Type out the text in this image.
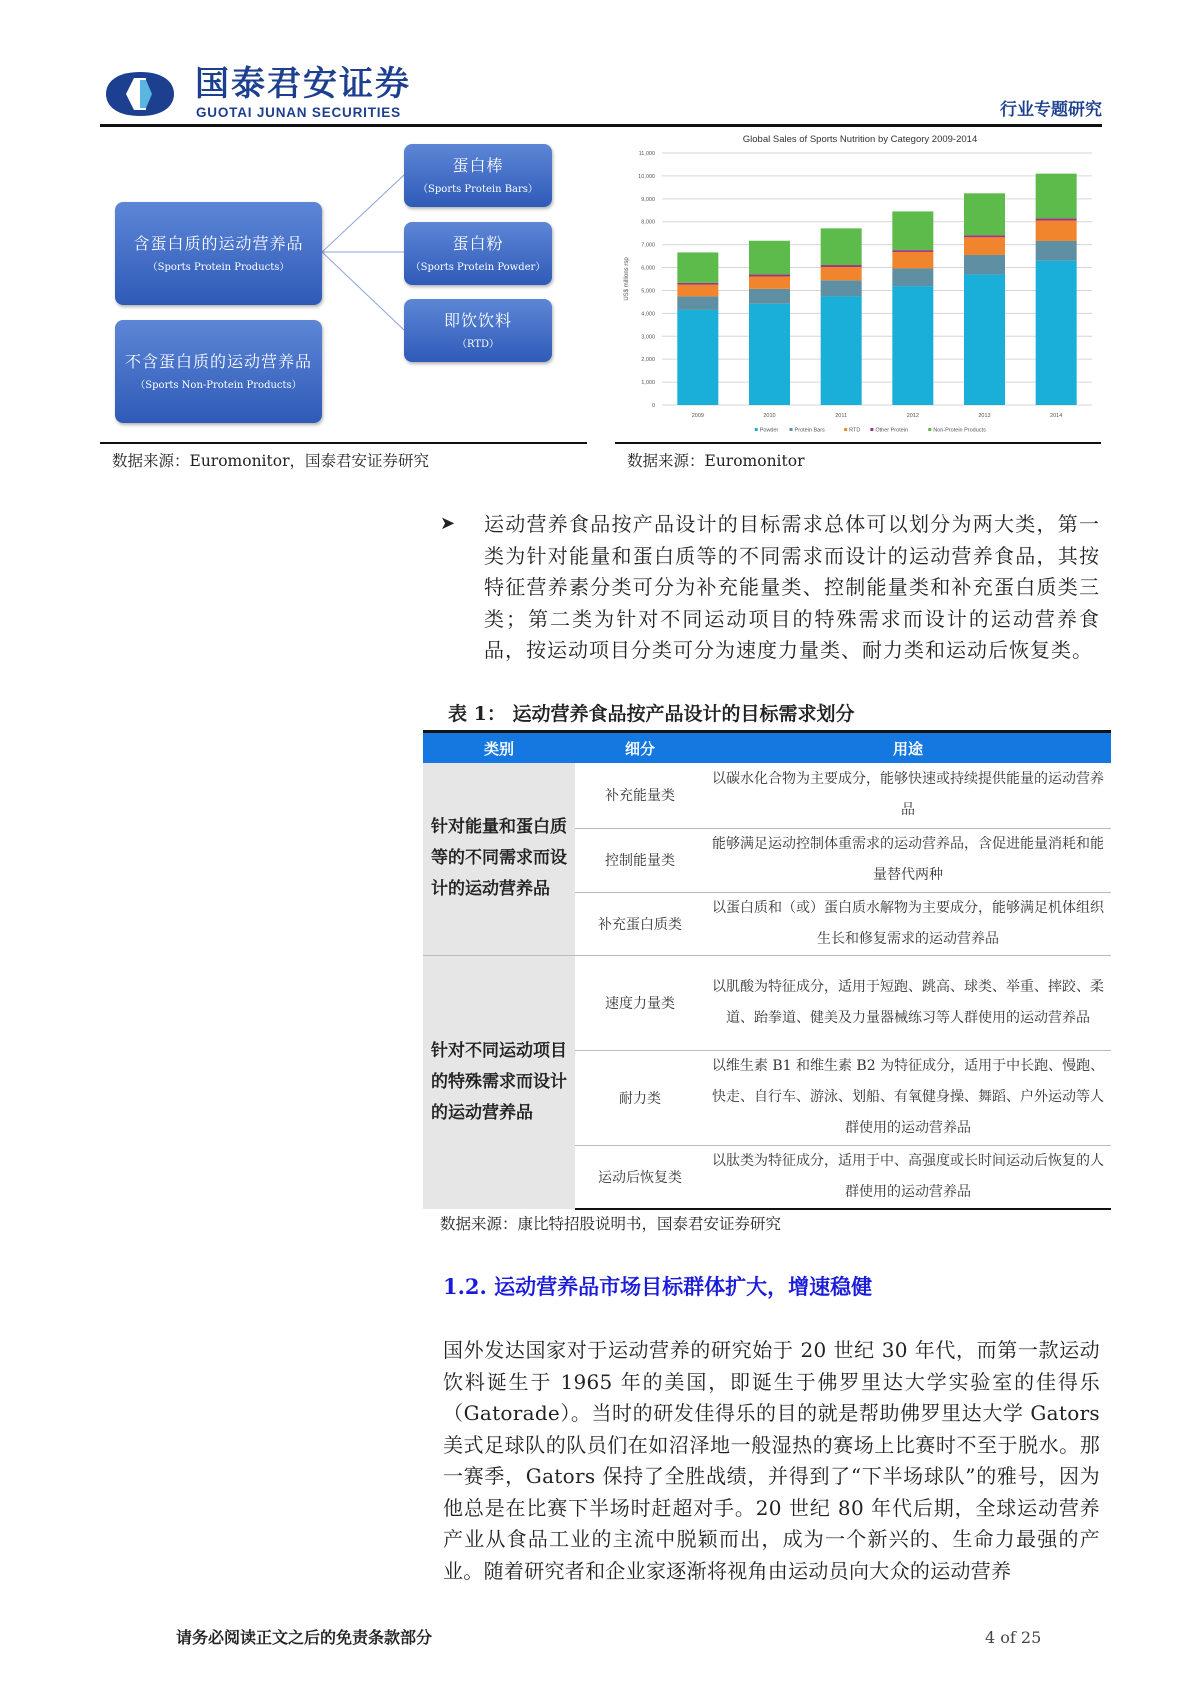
国泰君安证券
GUOTAI JUNAN SECURITIES	行业专题研究
含蛋白质的运动营养品
（Sports Protein Products）
不含蛋白质的运动营养品
（Sports Non-Protein Products）
蛋白棒
（Sports Protein Bars）
蛋白粉
（Sports Protein Powder）
即饮饮料
（RTD）
Global Sales of Sports Nutrition by Category 2009-2014
US$ millions rsp
0
1,000
2,000
3,000
4,000
5,000
6,000
7,000
8,000
9,000
10,000
11,000
2009	2010	2011	2012	2013	2014
Powder	Protein Bars	RTD	Other Protein	Non-Protein Products
数据来源：Euromonitor，国泰君安证券研究	数据来源：Euromonitor
➤ 运动营养食品按产品设计的目标需求总体可以划分为两大类，第一类为针对能量和蛋白质等的不同需求而设计的运动营养食品，其按特征营养素分类可分为补充能量类、控制能量类和补充蛋白质类三类；第二类为针对不同运动项目的特殊需求而设计的运动营养食品，按运动项目分类可分为速度力量类、耐力类和运动后恢复类。
表 1： 运动营养食品按产品设计的目标需求划分
类别	细分	用途
针对能量和蛋白质等的不同需求而设计的运动营养品	补充能量类	以碳水化合物为主要成分，能够快速或持续提供能量的运动营养品
	控制能量类	能够满足运动控制体重需求的运动营养品，含促进能量消耗和能量替代两种
	补充蛋白质类	以蛋白质和（或）蛋白质水解物为主要成分，能够满足机体组织生长和修复需求的运动营养品
针对不同运动项目的特殊需求而设计的运动营养品	速度力量类	以肌酸为特征成分，适用于短跑、跳高、球类、举重、摔跤、柔道、跆拳道、健美及力量器械练习等人群使用的运动营养品
	耐力类	以维生素 B1 和维生素 B2 为特征成分，适用于中长跑、慢跑、快走、自行车、游泳、划船、有氧健身操、舞蹈、户外运动等人群使用的运动营养品
	运动后恢复类	以肽类为特征成分，适用于中、高强度或长时间运动后恢复的人群使用的运动营养品
数据来源：康比特招股说明书，国泰君安证券研究
1.2. 运动营养品市场目标群体扩大，增速稳健
国外发达国家对于运动营养的研究始于 20 世纪 30 年代，而第一款运动饮料诞生于 1965 年的美国，即诞生于佛罗里达大学实验室的佳得乐（Gatorade）。当时的研发佳得乐的目的就是帮助佛罗里达大学 Gators 美式足球队的队员们在如沼泽地一般湿热的赛场上比赛时不至于脱水。那一赛季，Gators 保持了全胜战绩，并得到了“下半场球队”的雅号，因为他总是在比赛下半场时赶超对手。20 世纪 80 年代后期，全球运动营养产业从食品工业的主流中脱颖而出，成为一个新兴的、生命力最强的产业。随着研究者和企业家逐渐将视角由运动员向大众的运动营养
请务必阅读正文之后的免责条款部分	4 of 25
